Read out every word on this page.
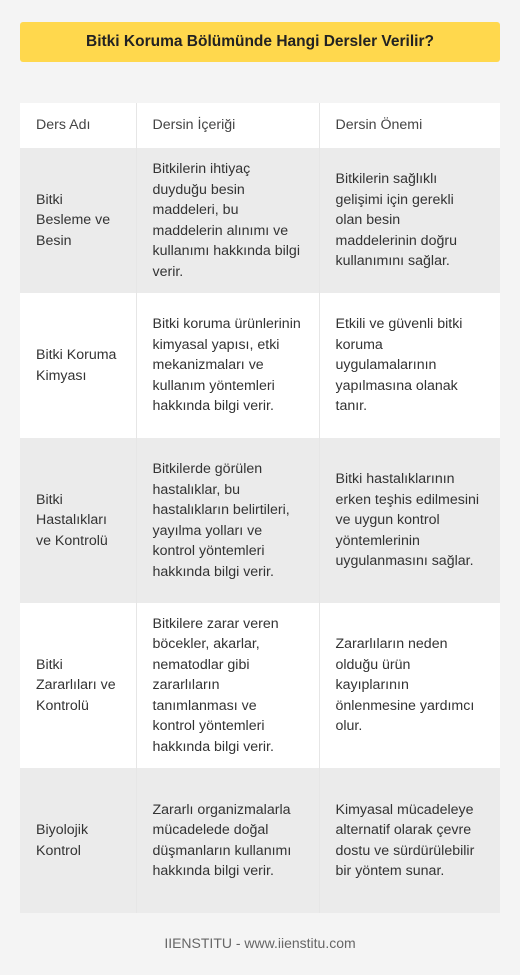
Bitki Koruma Bölümünde Hangi Dersler Verilir?
Ders Adı	Dersin İçeriği	Dersin Önemi
Bitki Besleme ve Besin	Bitkilerin ihtiyaç duyduğu besin maddeleri, bu maddelerin alınımı ve kullanımı hakkında bilgi verir.	Bitkilerin sağlıklı gelişimi için gerekli olan besin maddelerinin doğru kullanımını sağlar.
Bitki Koruma Kimyası	Bitki koruma ürünlerinin kimyasal yapısı, etki mekanizmaları ve kullanım yöntemleri hakkında bilgi verir.	Etkili ve güvenli bitki koruma uygulamalarının yapılmasına olanak tanır.
Bitki Hastalıkları ve Kontrolü	Bitkilerde görülen hastalıklar, bu hastalıkların belirtileri, yayılma yolları ve kontrol yöntemleri hakkında bilgi verir.	Bitki hastalıklarının erken teşhis edilmesini ve uygun kontrol yöntemlerinin uygulanmasını sağlar.
Bitki Zararlıları ve Kontrolü	Bitkilere zarar veren böcekler, akarlar, nematodlar gibi zararlıların tanımlanması ve kontrol yöntemleri hakkında bilgi verir.	Zararlıların neden olduğu ürün kayıplarının önlenmesine yardımcı olur.
Biyolojik Kontrol	Zararlı organizmalarla mücadelede doğal düşmanların kullanımı hakkında bilgi verir.	Kimyasal mücadeleye alternatif olarak çevre dostu ve sürdürülebilir bir yöntem sunar.
IIENSTITU - www.iienstitu.com
